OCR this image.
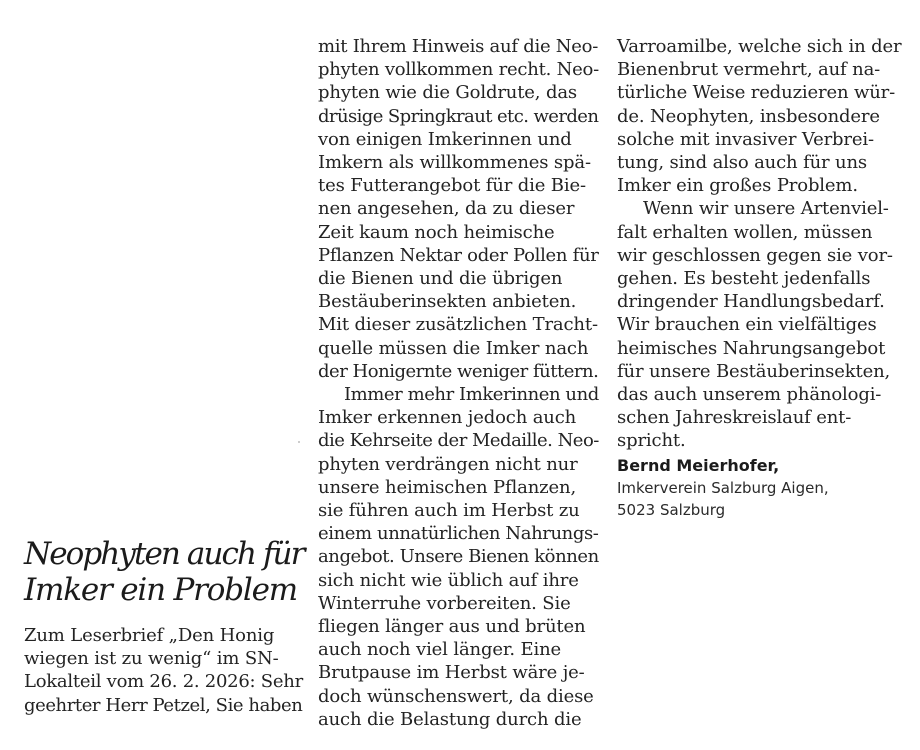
Neophyten auch für
Imker ein Problem
Zum Leserbrief „Den Honig
wiegen ist zu wenig“ im SN-
Lokalteil vom 26. 2. 2026: Sehr
geehrter Herr Petzel, Sie haben
mit Ihrem Hinweis auf die Neo-
phyten vollkommen recht. Neo-
phyten wie die Goldrute, das
drüsige Springkraut etc. werden
von einigen Imkerinnen und
Imkern als willkommenes spä-
tes Futterangebot für die Bie-
nen angesehen, da zu dieser
Zeit kaum noch heimische
Pflanzen Nektar oder Pollen für
die Bienen und die übrigen
Bestäuberinsekten anbieten.
Mit dieser zusätzlichen Tracht-
quelle müssen die Imker nach
der Honigernte weniger füttern.
Immer mehr Imkerinnen und
Imker erkennen jedoch auch
die Kehrseite der Medaille. Neo-
phyten verdrängen nicht nur
unsere heimischen Pflanzen,
sie führen auch im Herbst zu
einem unnatürlichen Nahrungs-
angebot. Unsere Bienen können
sich nicht wie üblich auf ihre
Winterruhe vorbereiten. Sie
fliegen länger aus und brüten
auch noch viel länger. Eine
Brutpause im Herbst wäre je-
doch wünschenswert, da diese
auch die Belastung durch die
Varroamilbe, welche sich in der
Bienenbrut vermehrt, auf na-
türliche Weise reduzieren wür-
de. Neophyten, insbesondere
solche mit invasiver Verbrei-
tung, sind also auch für uns
Imker ein großes Problem.
Wenn wir unsere Artenviel-
falt erhalten wollen, müssen
wir geschlossen gegen sie vor-
gehen. Es besteht jedenfalls
dringender Handlungsbedarf.
Wir brauchen ein vielfältiges
heimisches Nahrungsangebot
für unsere Bestäuberinsekten,
das auch unserem phänologi-
schen Jahreskreislauf ent-
spricht.
Bernd Meierhofer,
Imkerverein Salzburg Aigen,
5023 Salzburg
